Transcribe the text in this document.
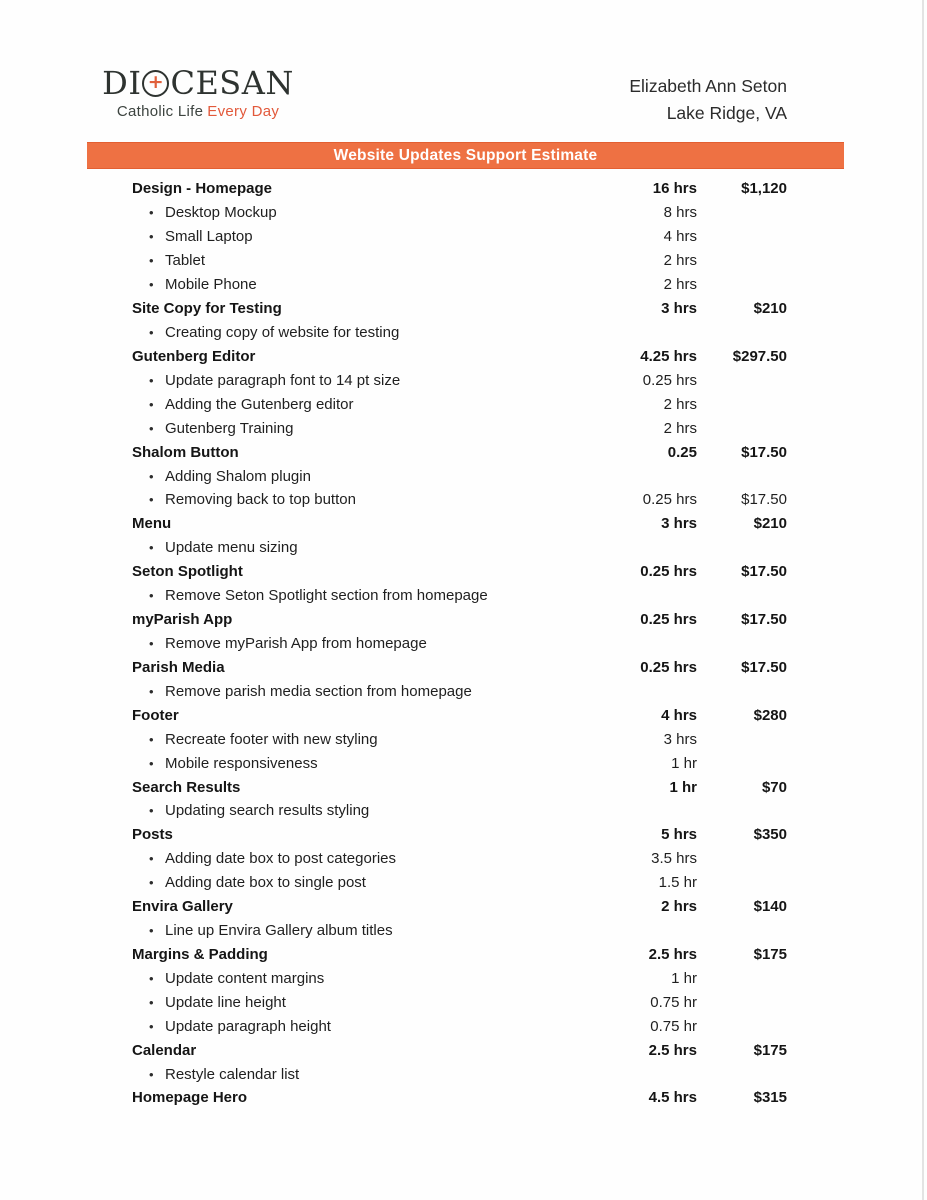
DI + CESAN
Catholic Life Every Day
Elizabeth Ann Seton
Lake Ridge, VA
Website Updates Support Estimate
Design - Homepage	16 hrs	$1,120
• Desktop Mockup	8 hrs
• Small Laptop	4 hrs
• Tablet	2 hrs
• Mobile Phone	2 hrs
Site Copy for Testing	3 hrs	$210
• Creating copy of website for testing
Gutenberg Editor	4.25 hrs	$297.50
• Update paragraph font to 14 pt size	0.25 hrs
• Adding the Gutenberg editor	2 hrs
• Gutenberg Training	2 hrs
Shalom Button	0.25	$17.50
• Adding Shalom plugin
• Removing back to top button	0.25 hrs	$17.50
Menu	3 hrs	$210
• Update menu sizing
Seton Spotlight	0.25 hrs	$17.50
• Remove Seton Spotlight section from homepage
myParish App	0.25 hrs	$17.50
• Remove myParish App from homepage
Parish Media	0.25 hrs	$17.50
• Remove parish media section from homepage
Footer	4 hrs	$280
• Recreate footer with new styling	3 hrs
• Mobile responsiveness	1 hr
Search Results	1 hr	$70
• Updating search results styling
Posts	5 hrs	$350
• Adding date box to post categories	3.5 hrs
• Adding date box to single post	1.5 hr
Envira Gallery	2 hrs	$140
• Line up Envira Gallery album titles
Margins & Padding	2.5 hrs	$175
• Update content margins	1 hr
• Update line height	0.75 hr
• Update paragraph height	0.75 hr
Calendar	2.5 hrs	$175
• Restyle calendar list
Homepage Hero	4.5 hrs	$315
